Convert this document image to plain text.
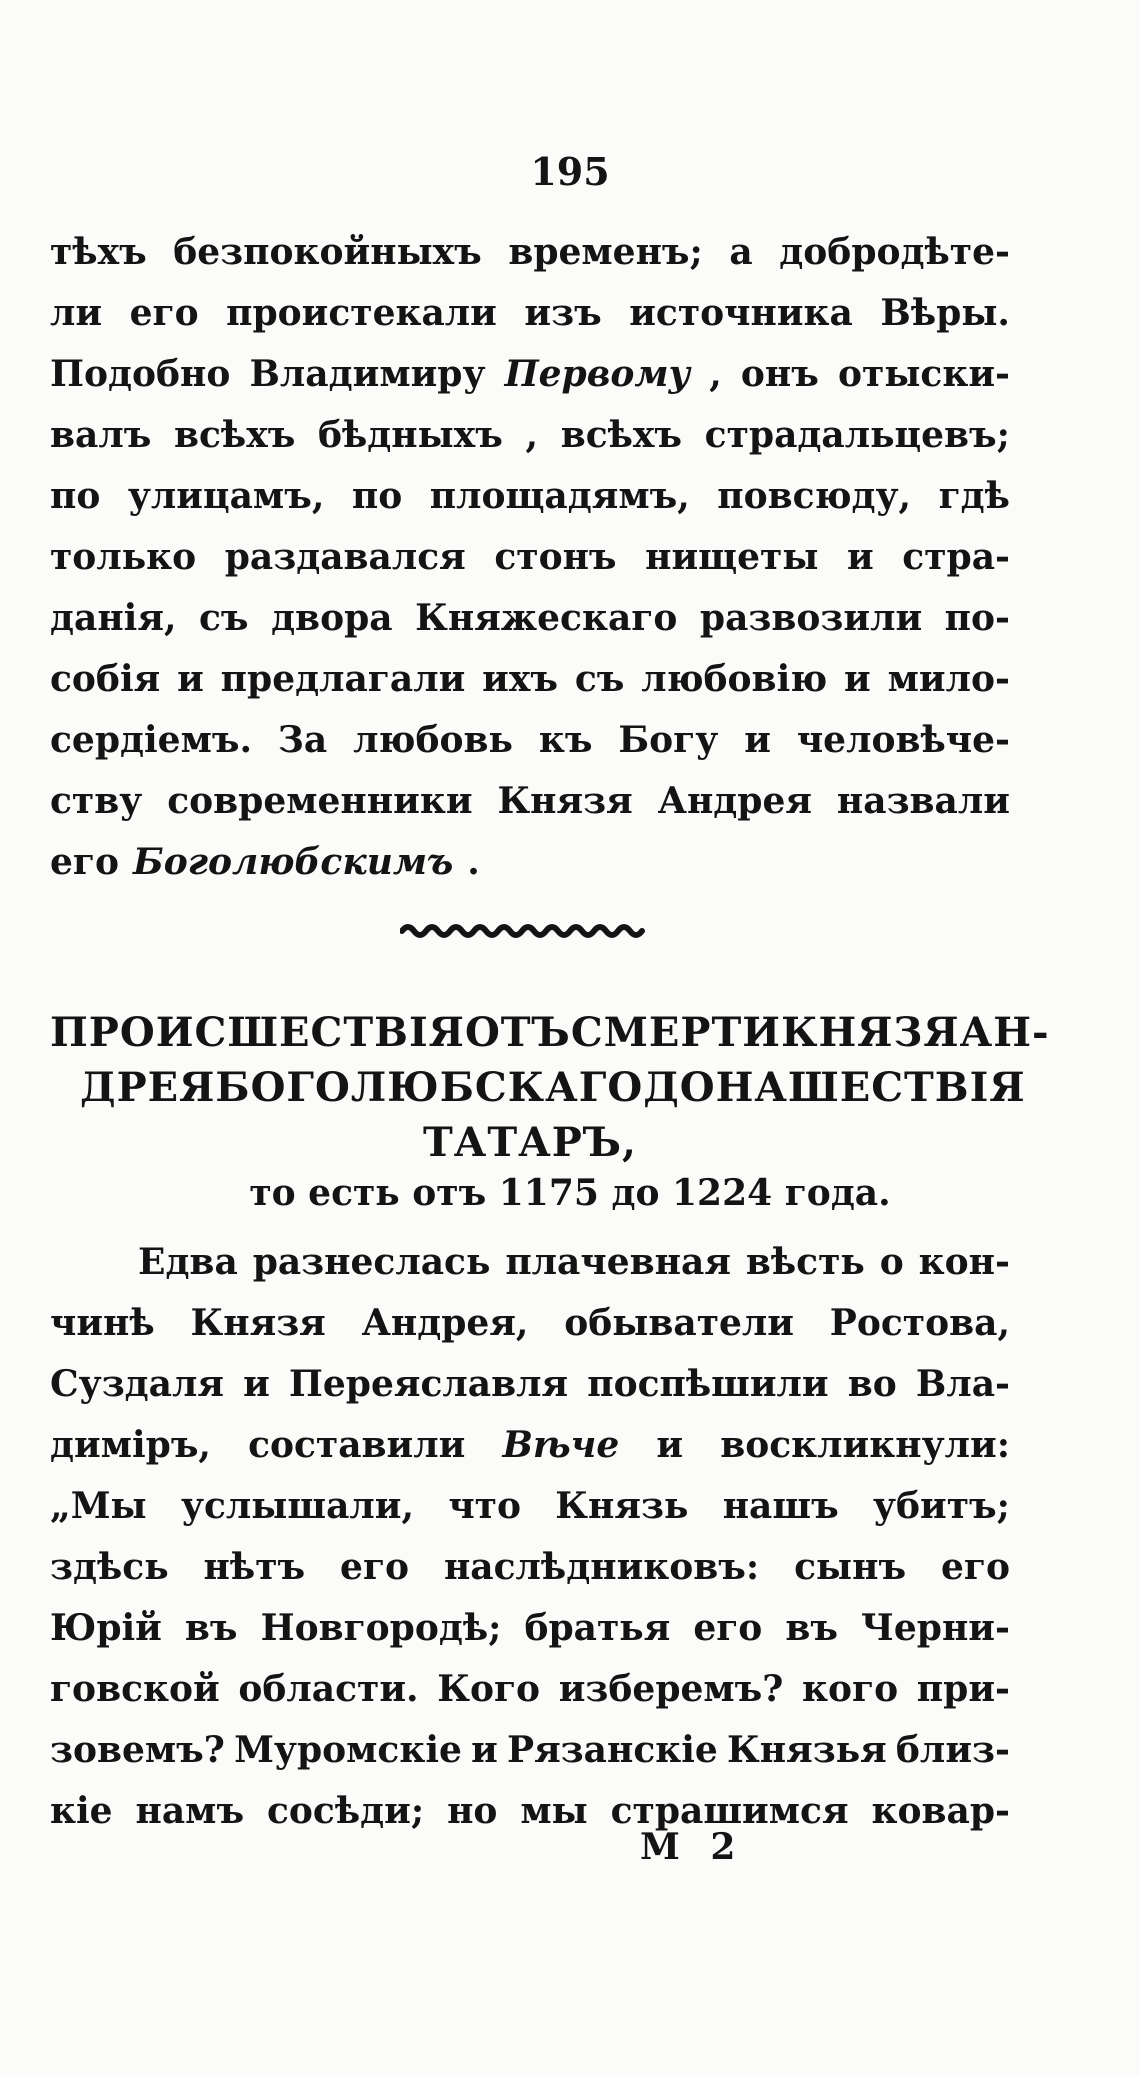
195
тѣхъ безпокойныхъ временъ; а добродѣте-
ли его проистекали изъ источника Вѣры.
Подобно Владимиру Первому , онъ отыски-
валъ всѣхъ бѣдныхъ , всѣхъ страдальцевъ;
по улицамъ, по площадямъ, повсюду, гдѣ
только раздавался стонъ нищеты и стра-
данія, съ двора Княжескаго развозили по-
собія и предлагали ихъ съ любовію и мило-
сердіемъ. За любовь къ Богу и человѣче-
ству современники Князя Андрея назвали
его Боголюбскимъ .
ПРОИСШЕСТВІЯ ОТЪ СМЕРТИ КНЯЗЯ АН-
ДРЕЯ БОГОЛЮБСКАГО ДО НАШЕСТВІЯ
ТАТАРЪ,
то есть отъ 1175 до 1224 года.
Едва разнеслась плачевная вѣсть о кон-
чинѣ Князя Андрея, обыватели Ростова,
Суздаля и Переяславля поспѣшили во Вла-
диміръ, составили Вѣче и воскликнули:
„Мы услышали, что Князь нашъ убитъ;
здѣсь нѣтъ его наслѣдниковъ: сынъ его
Юрій въ Новгородѣ; братья его въ Черни-
говской области. Кого изберемъ? кого при-
зовемъ? Муромскіе и Рязанскіе Князья близ-
кіе намъ сосѣди; но мы страшимся ковар-
М 2
